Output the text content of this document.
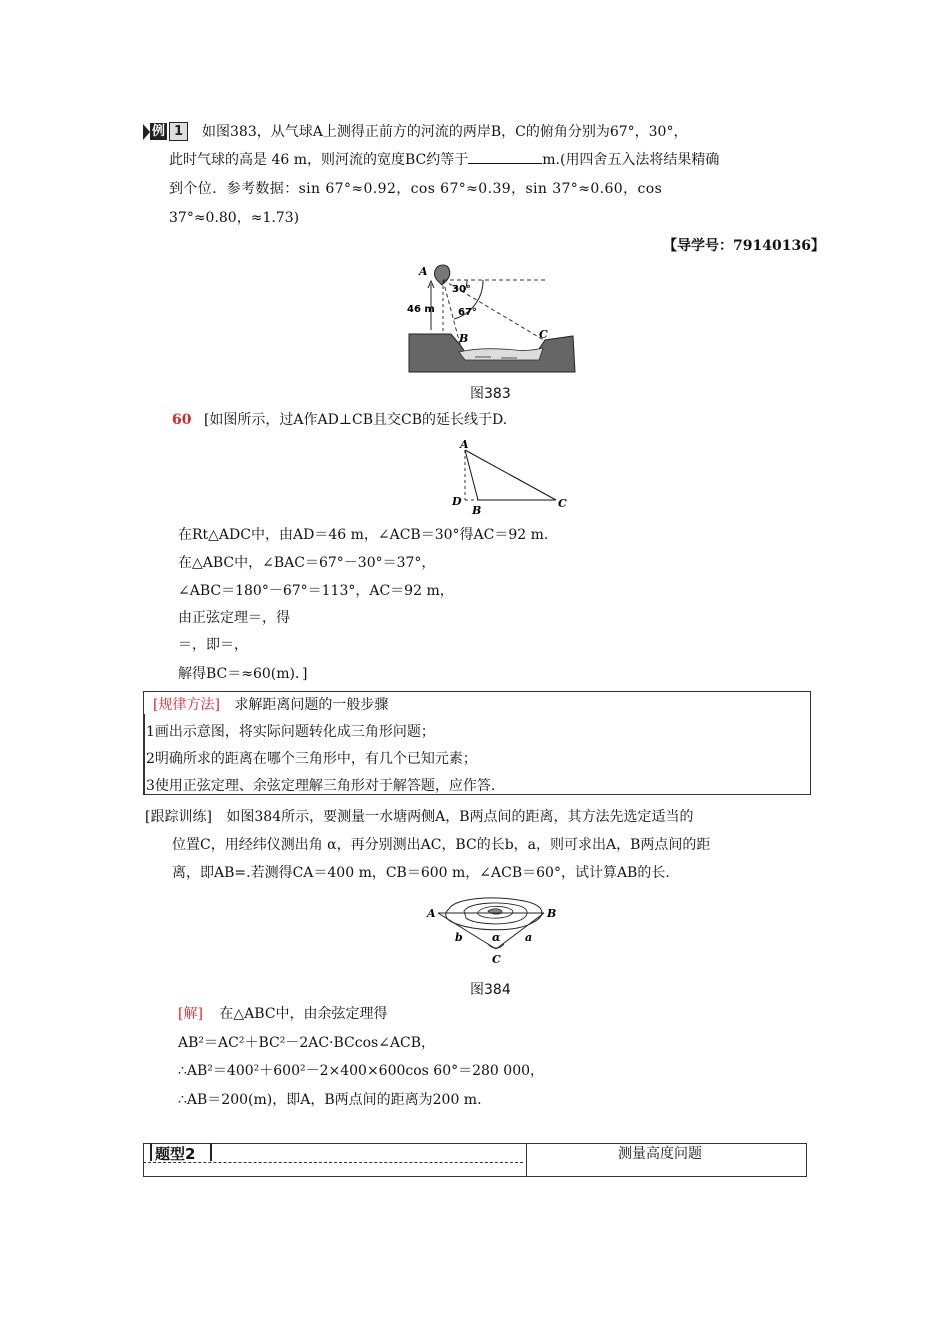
例 1	如图383，从气球A上测得正前方的河流的两岸B，C的俯角分别为67°，30°，
此时气球的高是 46 m，则河流的宽度BC约等于	m.(用四舍五入法将结果精确
到个位．参考数据：sin 67°≈0.92，cos 67°≈0.39，sin 37°≈0.60，cos
37°≈0.80，≈1.73)
【导学号：79140136】
A
46 m
30°
67°
B	C
图383
60 [如图所示，过A作AD⊥CB且交CB的延长线于D.
A
D
B
C
在Rt△ADC中，由AD＝46 m，∠ACB＝30°得AC＝92 m.
在△ABC中，∠BAC＝67°－30°＝37°，
∠ABC＝180°－67°＝113°，AC＝92 m，
由正弦定理＝，得
＝，即＝，
解得BC＝≈60(m)．]
[规律方法] 求解距离问题的一般步骤
1画出示意图，将实际问题转化成三角形问题；
2明确所求的距离在哪个三角形中，有几个已知元素；
3使用正弦定理、余弦定理解三角形对于解答题，应作答.
[跟踪训练] 如图384所示，要测量一水塘两侧A，B两点间的距离，其方法先选定适当的
位置C，用经纬仪测出角 α，再分别测出AC，BC的长b，a，则可求出A，B两点间的距
离，即AB=.若测得CA＝400 m，CB＝600 m，∠ACB＝60°，试计算AB的长.
A	B
C
b	a
α
图384
[解] 在△ABC中，由余弦定理得
AB²＝AC²＋BC²－2AC·BCcos∠ACB，
∴AB²＝400²＋600²－2×400×600cos 60°＝280 000，
∴AB＝200(m)，即A，B两点间的距离为200 m.
题型2	测量高度问题
